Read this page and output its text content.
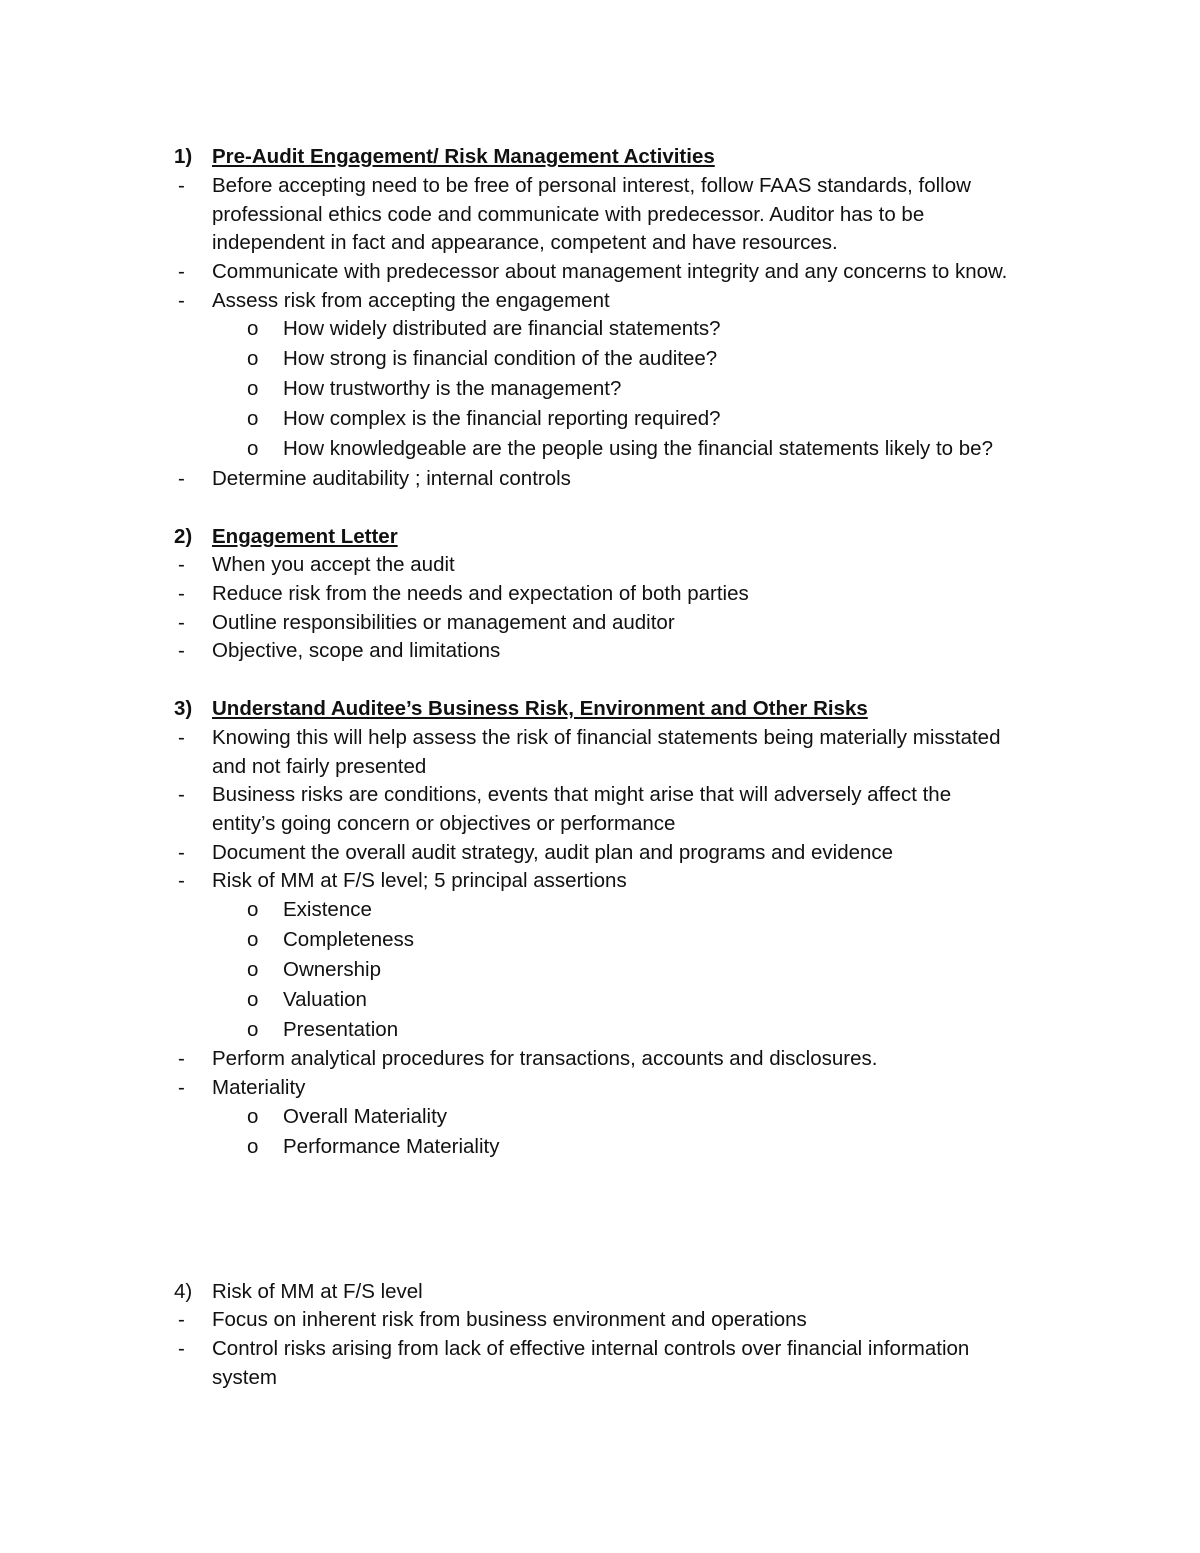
1) Pre-Audit Engagement/ Risk Management Activities
- Before accepting need to be free of personal interest, follow FAAS standards, follow
professional ethics code and communicate with predecessor. Auditor has to be
independent in fact and appearance, competent and have resources.
- Communicate with predecessor about management integrity and any concerns to know.
- Assess risk from accepting the engagement
o How widely distributed are financial statements?
o How strong is financial condition of the auditee?
o How trustworthy is the management?
o How complex is the financial reporting required?
o How knowledgeable are the people using the financial statements likely to be?
- Determine auditability ; internal controls
2) Engagement Letter
- When you accept the audit
- Reduce risk from the needs and expectation of both parties
- Outline responsibilities or management and auditor
- Objective, scope and limitations
3) Understand Auditee’s Business Risk, Environment and Other Risks
- Knowing this will help assess the risk of financial statements being materially misstated
and not fairly presented
- Business risks are conditions, events that might arise that will adversely affect the
entity’s going concern or objectives or performance
- Document the overall audit strategy, audit plan and programs and evidence
- Risk of MM at F/S level; 5 principal assertions
o Existence
o Completeness
o Ownership
o Valuation
o Presentation
- Perform analytical procedures for transactions, accounts and disclosures.
- Materiality
o Overall Materiality
o Performance Materiality
4) Risk of MM at F/S level
- Focus on inherent risk from business environment and operations
- Control risks arising from lack of effective internal controls over financial information
system
